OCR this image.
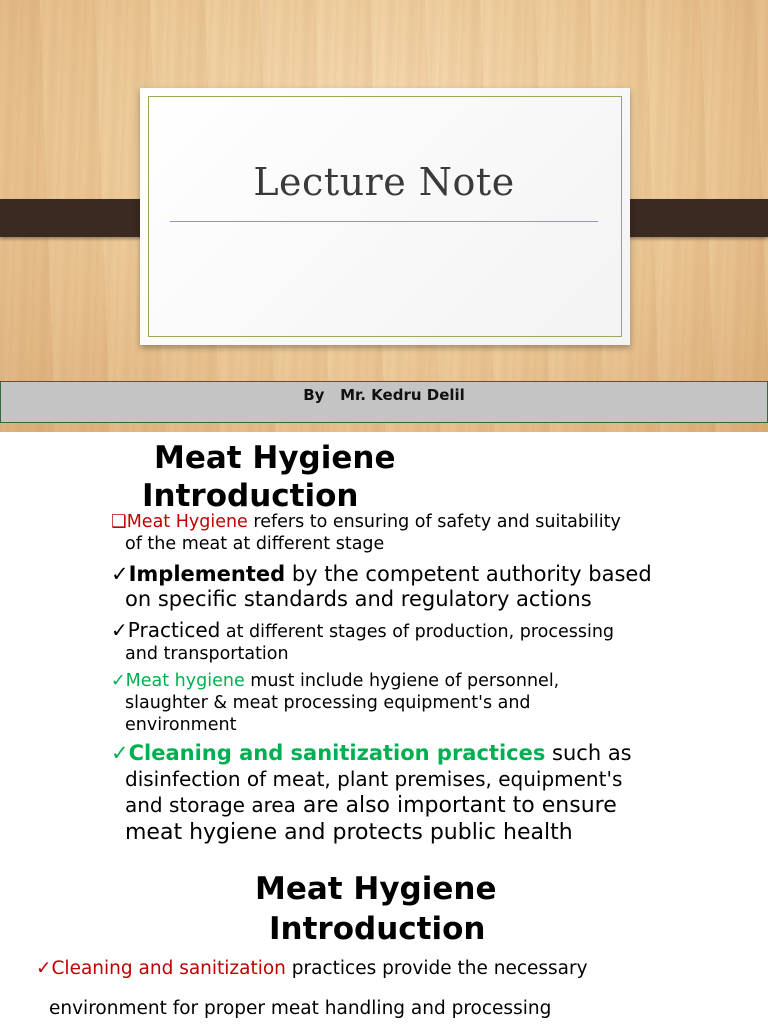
Lecture Note
By   Mr. Kedru Delil
Meat Hygiene
Introduction
❑Meat Hygiene refers to ensuring of safety and suitability
of the meat at different stage
✓Implemented by the competent authority based
on specific standards and regulatory actions
✓Practiced at different stages of production, processing
and transportation
✓Meat hygiene must include hygiene of personnel,
slaughter & meat processing equipment's and
environment
✓Cleaning and sanitization practices such as
disinfection of meat, plant premises, equipment's
and storage area are also important to ensure
meat hygiene and protects public health
Meat Hygiene
Introduction
✓Cleaning and sanitization practices provide the necessary
environment for proper meat handling and processing
